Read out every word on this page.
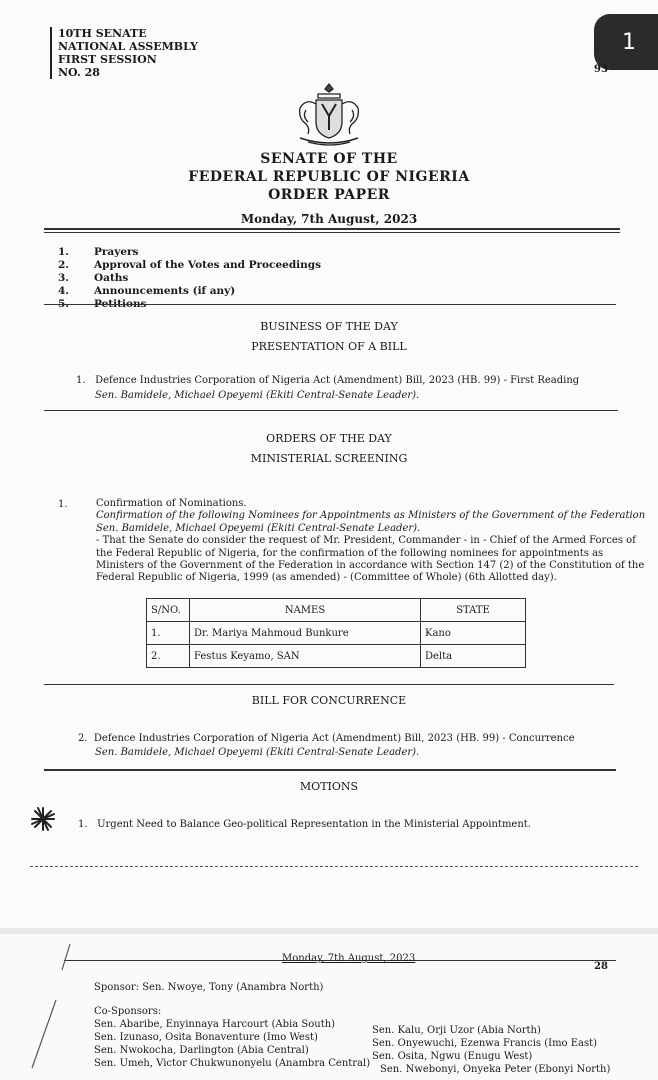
10TH SENATE
NATIONAL ASSEMBLY
FIRST SESSION
NO. 28
1
93
SENATE OF THE
FEDERAL REPUBLIC OF NIGERIA
ORDER PAPER
Monday, 7th August, 2023
1.	Prayers
2.	Approval of the Votes and Proceedings
3.	Oaths
4.	Announcements (if any)
5.	Petitions
BUSINESS OF THE DAY
PRESENTATION OF A BILL
1. Defence Industries Corporation of Nigeria Act (Amendment) Bill, 2023 (HB. 99) - First Reading
Sen. Bamidele, Michael Opeyemi (Ekiti Central-Senate Leader).
ORDERS OF THE DAY
MINISTERIAL SCREENING
1.	Confirmation of Nominations.
Confirmation of the following Nominees for Appointments as Ministers of the Government of the Federation
Sen. Bamidele, Michael Opeyemi (Ekiti Central-Senate Leader).
- That the Senate do consider the request of Mr. President, Commander - in - Chief of the Armed Forces of
the Federal Republic of Nigeria, for the confirmation of the following nominees for appointments as
Ministers of the Government of the Federation in accordance with Section 147 (2) of the Constitution of the
Federal Republic of Nigeria, 1999 (as amended) - (Committee of Whole) (6th Allotted day).
S/NO.	NAMES	STATE
1.	Dr. Mariya Mahmoud Bunkure	Kano
2.	Festus Keyamo, SAN	Delta
BILL FOR CONCURRENCE
2. Defence Industries Corporation of Nigeria Act (Amendment) Bill, 2023 (HB. 99) - Concurrence
Sen. Bamidele, Michael Opeyemi (Ekiti Central-Senate Leader).
MOTIONS
1. Urgent Need to Balance Geo-political Representation in the Ministerial Appointment.
Monday, 7th August, 2023
28
Sponsor: Sen. Nwoye, Tony (Anambra North)
Co-Sponsors:
Sen. Abaribe, Enyinnaya Harcourt (Abia South)
Sen. Izunaso, Osita Bonaventure (Imo West)
Sen. Nwokocha, Darlington (Abia Central)
Sen. Umeh, Victor Chukwunonyelu (Anambra Central)
Sen. Kalu, Orji Uzor (Abia North)
Sen. Onyewuchi, Ezenwa Francis (Imo East)
Sen. Osita, Ngwu (Enugu West)
Sen. Nwebonyi, Onyeka Peter (Ebonyi North)
